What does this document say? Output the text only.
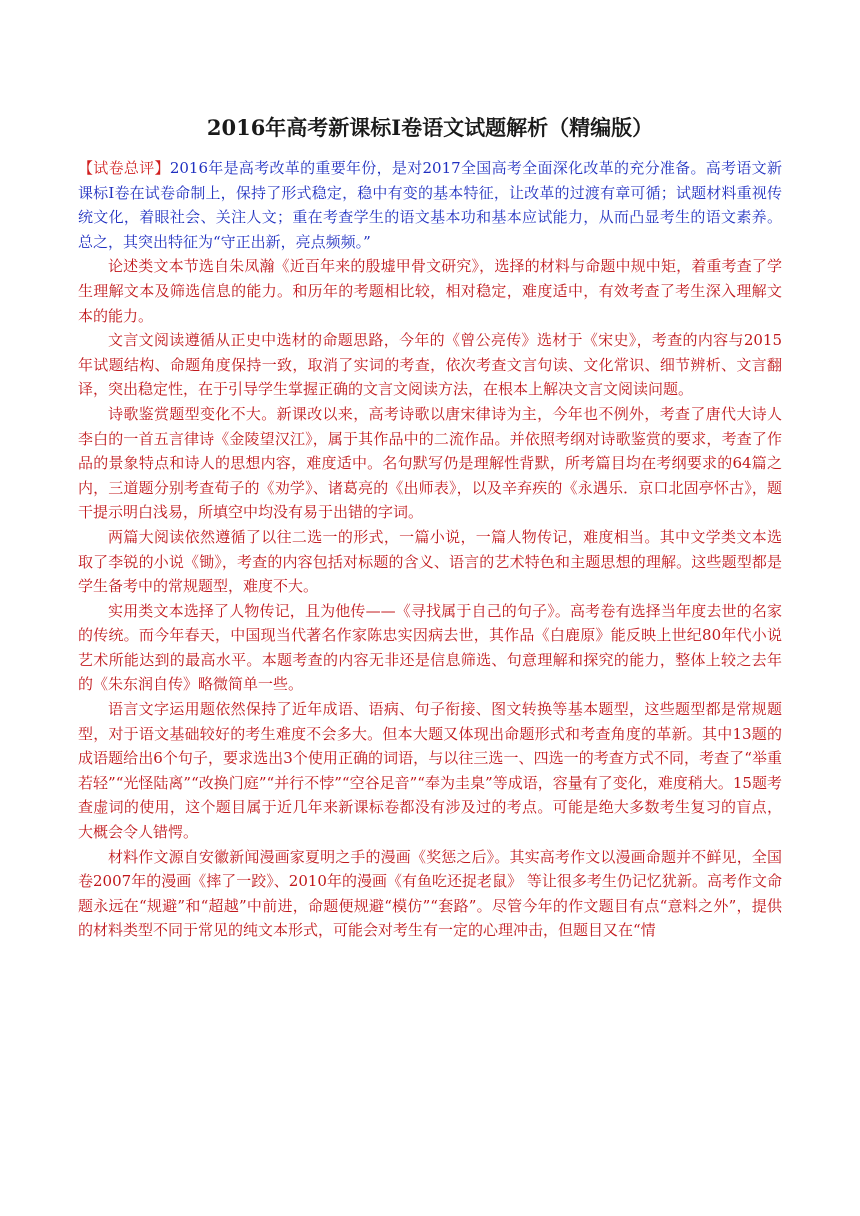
2016年高考新课标Ⅰ卷语文试题解析（精编版）

【试卷总评】2016年是高考改革的重要年份，是对2017全国高考全面深化改革的充分准备。高考语文新课标Ⅰ卷在试卷命制上，保持了形式稳定，稳中有变的基本特征，让改革的过渡有章可循；试题材料重视传统文化，着眼社会、关注人文；重在考查学生的语文基本功和基本应试能力，从而凸显考生的语文素养。总之，其突出特征为“守正出新，亮点频频。”

论述类文本节选自朱凤瀚《近百年来的殷墟甲骨文研究》，选择的材料与命题中规中矩，着重考查了学生理解文本及筛选信息的能力。和历年的考题相比较，相对稳定，难度适中，有效考查了考生深入理解文本的能力。

文言文阅读遵循从正史中选材的命题思路，今年的《曾公亮传》选材于《宋史》，考查的内容与2015年试题结构、命题角度保持一致，取消了实词的考查，依次考查文言句读、文化常识、细节辨析、文言翻译，突出稳定性，在于引导学生掌握正确的文言文阅读方法，在根本上解决文言文阅读问题。

诗歌鉴赏题型变化不大。新课改以来，高考诗歌以唐宋律诗为主，今年也不例外，考查了唐代大诗人李白的一首五言律诗《金陵望汉江》，属于其作品中的二流作品。并依照考纲对诗歌鉴赏的要求，考查了作品的景象特点和诗人的思想内容，难度适中。名句默写仍是理解性背默，所考篇目均在考纲要求的64篇之内，三道题分别考查荀子的《劝学》、诸葛亮的《出师表》，以及辛弃疾的《永遇乐．京口北固亭怀古》，题干提示明白浅易，所填空中均没有易于出错的字词。

两篇大阅读依然遵循了以往二选一的形式，一篇小说，一篇人物传记，难度相当。其中文学类文本选取了李锐的小说《锄》，考查的内容包括对标题的含义、语言的艺术特色和主题思想的理解。这些题型都是学生备考中的常规题型，难度不大。

实用类文本选择了人物传记，且为他传——《寻找属于自己的句子》。高考卷有选择当年度去世的名家的传统。而今年春天，中国现当代著名作家陈忠实因病去世，其作品《白鹿原》能反映上世纪80年代小说艺术所能达到的最高水平。本题考查的内容无非还是信息筛选、句意理解和探究的能力，整体上较之去年的《朱东润自传》略微简单一些。

语言文字运用题依然保持了近年成语、语病、句子衔接、图文转换等基本题型，这些题型都是常规题型，对于语文基础较好的考生难度不会多大。但本大题又体现出命题形式和考查角度的革新。其中13题的成语题给出6个句子，要求选出3个使用正确的词语，与以往三选一、四选一的考查方式不同，考查了“举重若轻”“光怪陆离”“改换门庭”“并行不悖”“空谷足音”“奉为圭臬”等成语，容量有了变化，难度稍大。15题考查虚词的使用，这个题目属于近几年来新课标卷都没有涉及过的考点。可能是绝大多数考生复习的盲点，大概会令人错愕。

材料作文源自安徽新闻漫画家夏明之手的漫画《奖惩之后》。其实高考作文以漫画命题并不鲜见，全国卷2007年的漫画《摔了一跤》、2010年的漫画《有鱼吃还捉老鼠》 等让很多考生仍记忆犹新。高考作文命题永远在“规避”和“超越”中前进，命题便规避“模仿”“套路”。尽管今年的作文题目有点“意料之外”，提供的材料类型不同于常见的纯文本形式，可能会对考生有一定的心理冲击，但题目又在“情
